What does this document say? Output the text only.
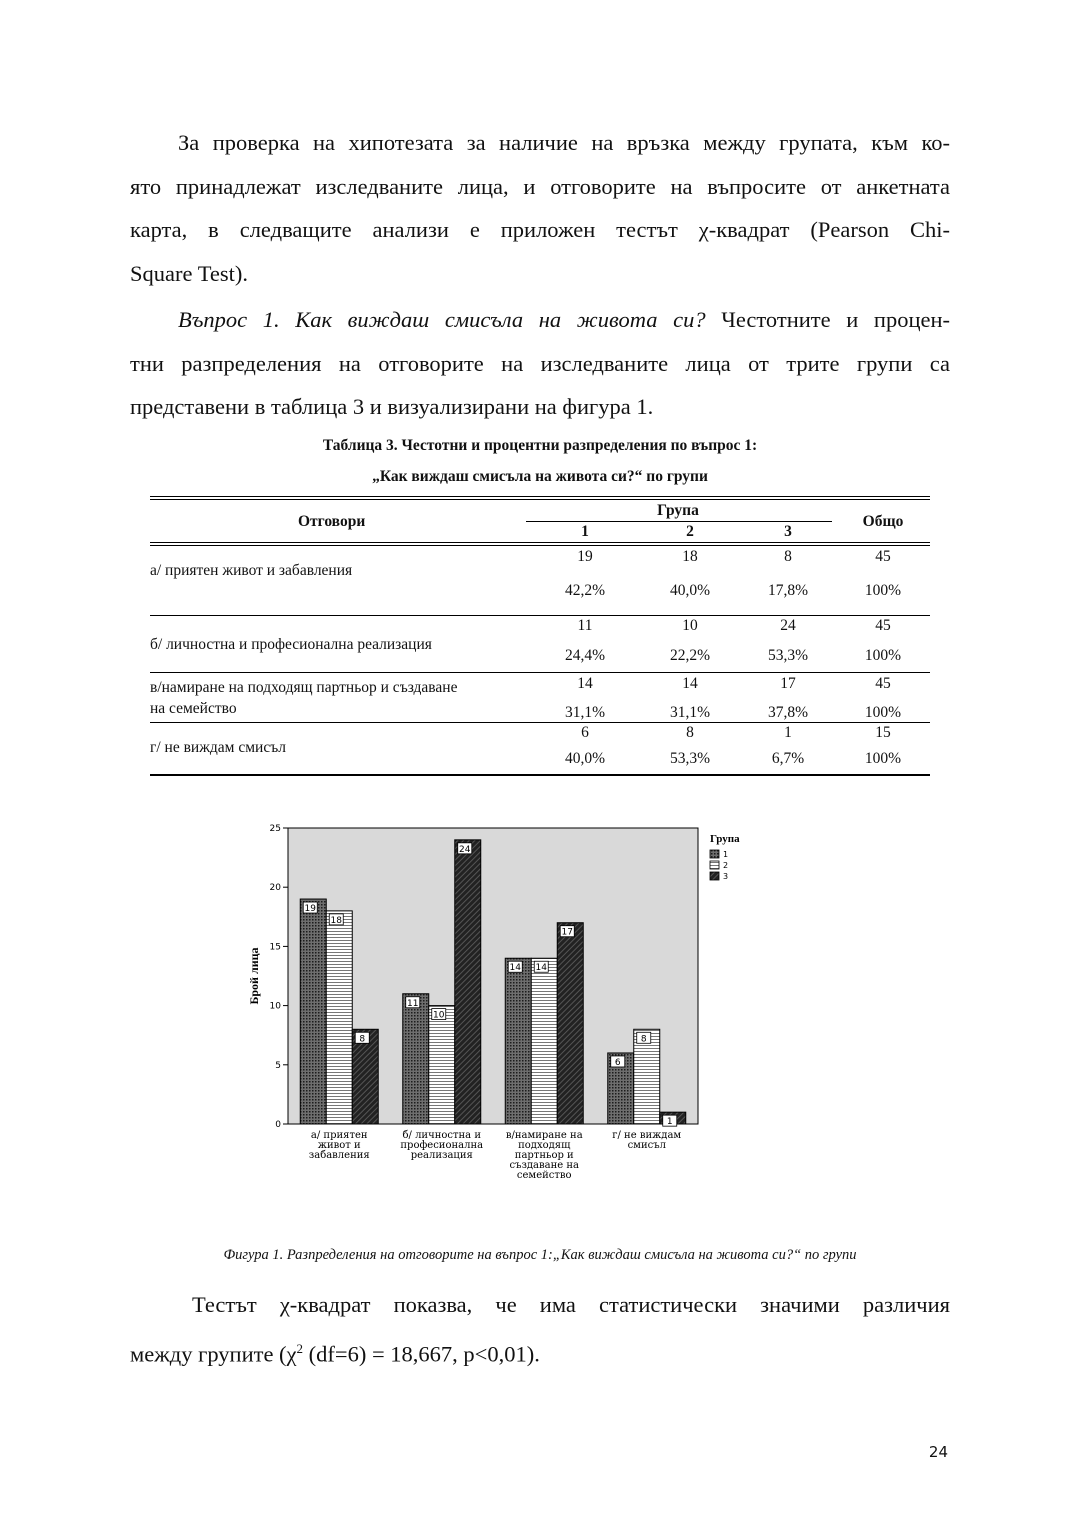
За проверка на хипотезата за наличие на връзка между групата, към ко-
ято принадлежат изследваните лица, и отговорите на въпросите от анкетната
карта, в следващите анализи е приложен тестът χ-квадрат (Pearson Chi-
Square Test).
Въпрос 1. Как виждаш смисъла на живота си? Честотните и процен-
тни разпределения на отговорите на изследваните лица от трите групи са
представени в таблица 3 и визуализирани на фигура 1.
Таблица 3. Честотни и процентни разпределения по въпрос 1:
„Как виждаш смисъла на живота си?“ по групи
Отговори
Група
1	2	3
Общо
а/ приятен живот и забавления
19	18	8	45
42,2%	40,0%	17,8%	100%
б/ личностна и професионална реализация
11	10	24	45
24,4%	22,2%	53,3%	100%
в/намиране на подходящ партньор и създаване
на семейство
14	14	17	45
31,1%	31,1%	37,8%	100%
г/ не виждам смисъл
6	8	1	15
40,0%	53,3%	6,7%	100%
0
5
10
15
20
25
Брой лица
19
18
8
а/ приятен
живот и
забавления
11
10
24
б/ личностна и
професионална
реализация
14 14
17
в/намиране на
подходящ
партньор и
създаване на
семейство
6
8
1
г/ не виждам
смисъл
Група
1
2
3
Фигура 1. Разпределения на отговорите на въпрос 1:„Как виждаш смисъла на живота си?“ по групи
Тестът χ-квадрат показва, че има статистически значими различия
между групите ($\chi^2$ (df=6) = 18,667, p<0,01).
24
